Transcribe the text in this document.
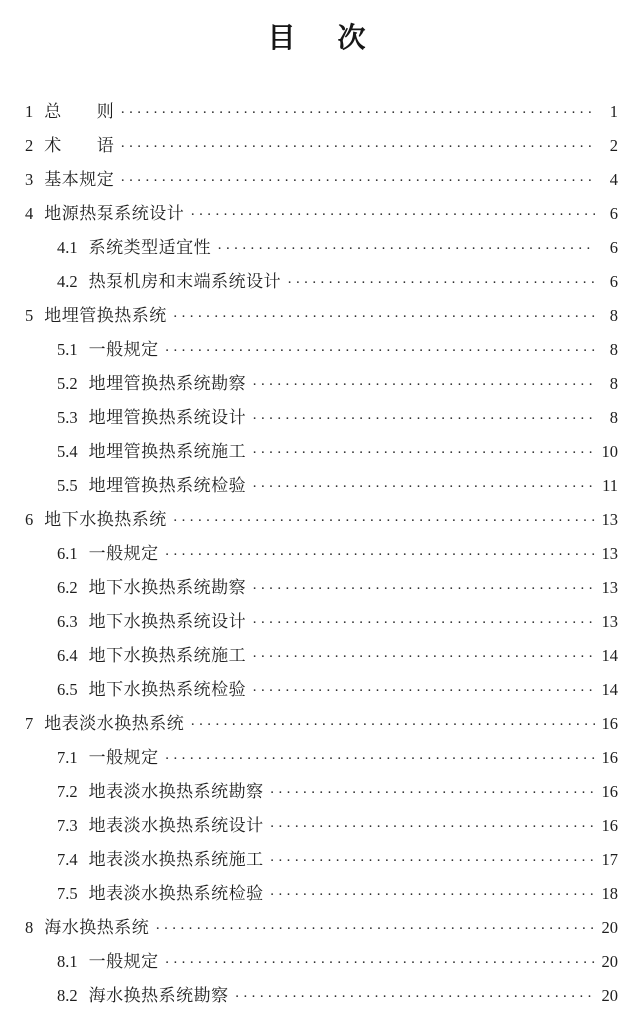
目　次
1 总　　则 ·····	1
2 术　　语 ·····	2
3 基本规定 ·····	4
4 地源热泵系统设计 ·····	6
4.1 系统类型适宜性 ·····	6
4.2 热泵机房和末端系统设计 ·····	6
5 地埋管换热系统 ·····	8
5.1 一般规定 ·····	8
5.2 地埋管换热系统勘察 ·····	8
5.3 地埋管换热系统设计 ·····	8
5.4 地埋管换热系统施工 ·····	10
5.5 地埋管换热系统检验 ·····	11
6 地下水换热系统 ·····	13
6.1 一般规定 ·····	13
6.2 地下水换热系统勘察 ·····	13
6.3 地下水换热系统设计 ·····	13
6.4 地下水换热系统施工 ·····	14
6.5 地下水换热系统检验 ·····	14
7 地表淡水换热系统 ·····	16
7.1 一般规定 ·····	16
7.2 地表淡水换热系统勘察 ·····	16
7.3 地表淡水换热系统设计 ·····	16
7.4 地表淡水换热系统施工 ·····	17
7.5 地表淡水换热系统检验 ·····	18
8 海水换热系统 ·····	20
8.1 一般规定 ·····	20
8.2 海水换热系统勘察 ·····	20
